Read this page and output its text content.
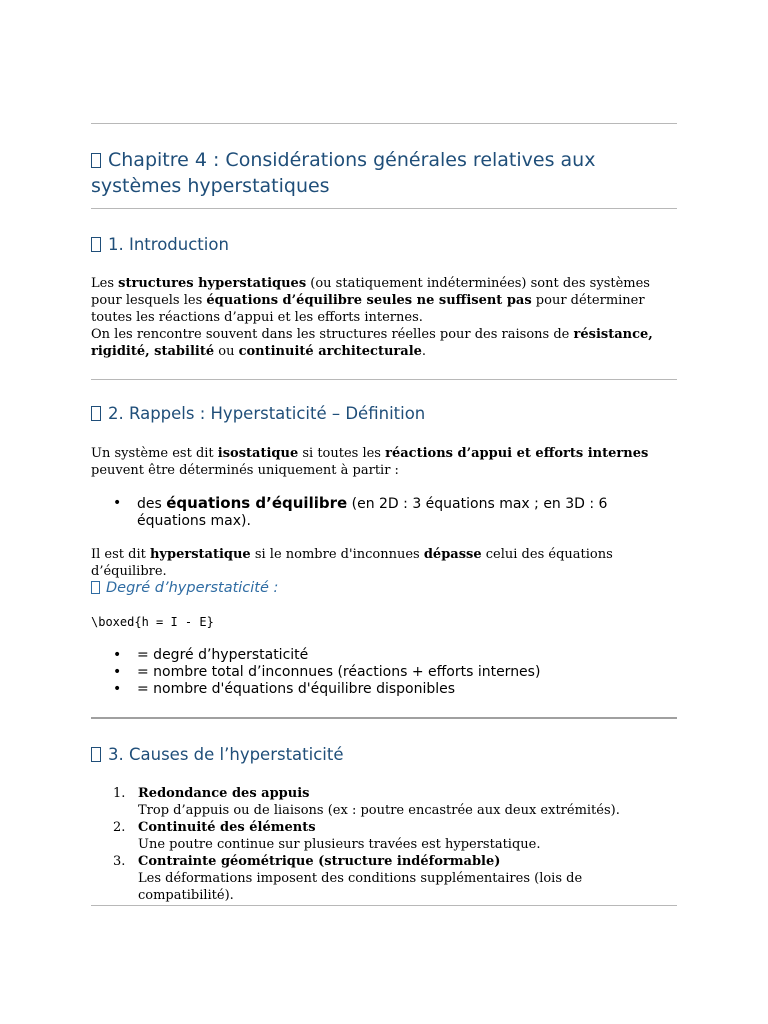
Chapitre 4 : Considérations générales relatives aux
systèmes hyperstatiques
1. Introduction

Les structures hyperstatiques (ou statiquement indéterminées) sont des systèmes pour lesquels les équations d’équilibre seules ne suffisent pas pour déterminer toutes les réactions d’appui et les efforts internes.
On les rencontre souvent dans les structures réelles pour des raisons de résistance, rigidité, stabilité ou continuité architecturale.

2. Rappels : Hyperstaticité – Définition

Un système est dit isostatique si toutes les réactions d’appui et efforts internes peuvent être déterminés uniquement à partir :

• des équations d’équilibre (en 2D : 3 équations max ; en 3D : 6 équations max).

Il est dit hyperstatique si le nombre d'inconnues dépasse celui des équations d’équilibre.

Degré d’hyperstaticité :
\boxed{h = I - E}
• = degré d’hyperstaticité
• = nombre total d’inconnues (réactions + efforts internes)
• = nombre d'équations d'équilibre disponibles
3. Causes de l’hyperstaticité
1. Redondance des appuis
Trop d’appuis ou de liaisons (ex : poutre encastrée aux deux extrémités).
2. Continuité des éléments
Une poutre continue sur plusieurs travées est hyperstatique.
3. Contrainte géométrique (structure indéformable)
Les déformations imposent des conditions supplémentaires (lois de compatibilité).
